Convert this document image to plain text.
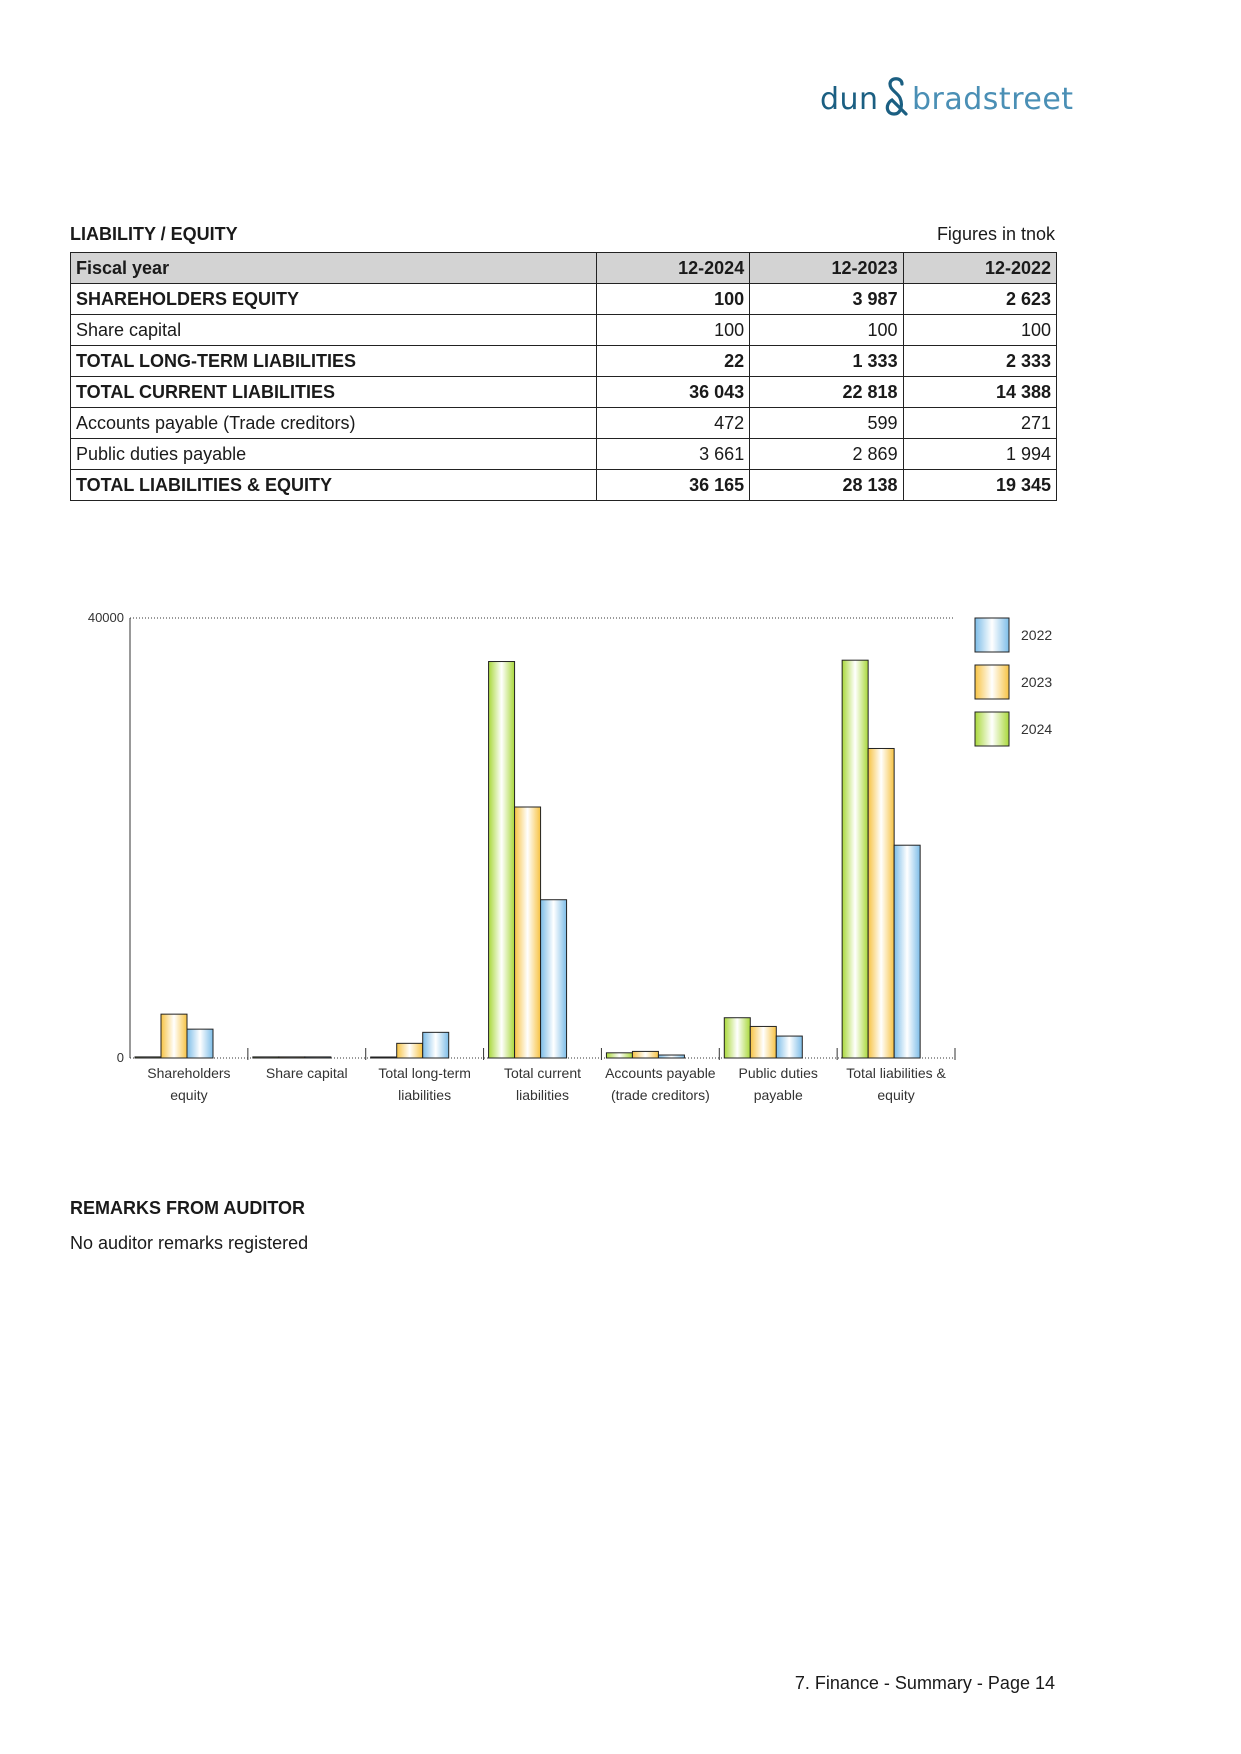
dun bradstreet
LIABILITY / EQUITY	Figures in tnok
Fiscal year	12-2024	12-2023	12-2022
SHAREHOLDERS EQUITY	100	3 987	2 623
Share capital	100	100	100
TOTAL LONG-TERM LIABILITIES	22	1 333	2 333
TOTAL CURRENT LIABILITIES	36 043	22 818	14 388
Accounts payable (Trade creditors)	472	599	271
Public duties payable	3 661	2 869	1 994
TOTAL LIABILITIES & EQUITY	36 165	28 138	19 345
40000
0
Shareholders
equity
Share capital Total long-term
liabilities
Total current
liabilities
Accounts payable
(trade creditors)
Public duties
payable
Total liabilities &
equity
2022
2023
2024
REMARKS FROM AUDITOR
No auditor remarks registered
7. Finance - Summary - Page 14
